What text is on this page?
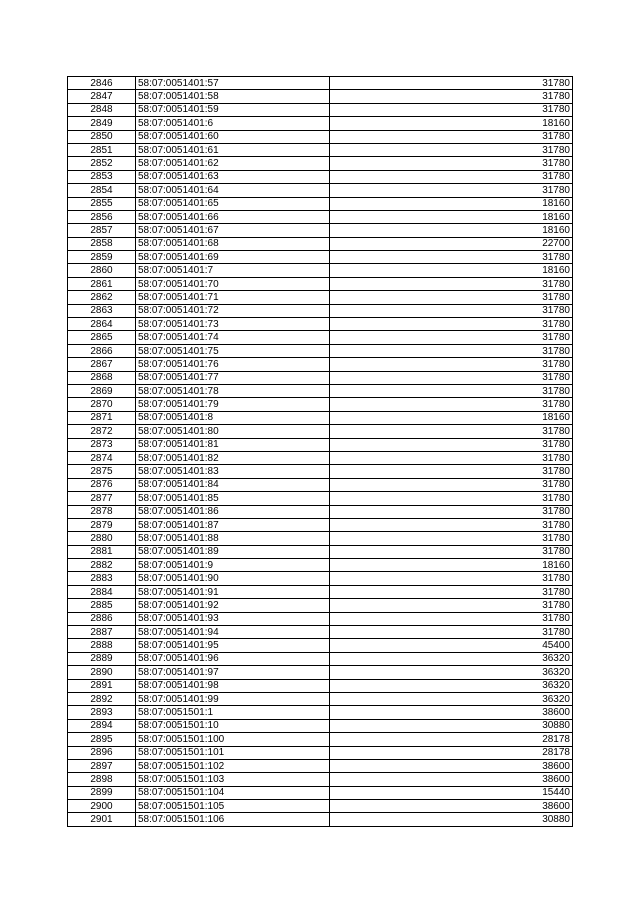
2846	58:07:0051401:57	31780
2847	58:07:0051401:58	31780
2848	58:07:0051401:59	31780
2849	58:07:0051401:6	18160
2850	58:07:0051401:60	31780
2851	58:07:0051401:61	31780
2852	58:07:0051401:62	31780
2853	58:07:0051401:63	31780
2854	58:07:0051401:64	31780
2855	58:07:0051401:65	18160
2856	58:07:0051401:66	18160
2857	58:07:0051401:67	18160
2858	58:07:0051401:68	22700
2859	58:07:0051401:69	31780
2860	58:07:0051401:7	18160
2861	58:07:0051401:70	31780
2862	58:07:0051401:71	31780
2863	58:07:0051401:72	31780
2864	58:07:0051401:73	31780
2865	58:07:0051401:74	31780
2866	58:07:0051401:75	31780
2867	58:07:0051401:76	31780
2868	58:07:0051401:77	31780
2869	58:07:0051401:78	31780
2870	58:07:0051401:79	31780
2871	58:07:0051401:8	18160
2872	58:07:0051401:80	31780
2873	58:07:0051401:81	31780
2874	58:07:0051401:82	31780
2875	58:07:0051401:83	31780
2876	58:07:0051401:84	31780
2877	58:07:0051401:85	31780
2878	58:07:0051401:86	31780
2879	58:07:0051401:87	31780
2880	58:07:0051401:88	31780
2881	58:07:0051401:89	31780
2882	58:07:0051401:9	18160
2883	58:07:0051401:90	31780
2884	58:07:0051401:91	31780
2885	58:07:0051401:92	31780
2886	58:07:0051401:93	31780
2887	58:07:0051401:94	31780
2888	58:07:0051401:95	45400
2889	58:07:0051401:96	36320
2890	58:07:0051401:97	36320
2891	58:07:0051401:98	36320
2892	58:07:0051401:99	36320
2893	58:07:0051501:1	38600
2894	58:07:0051501:10	30880
2895	58:07:0051501:100	28178
2896	58:07:0051501:101	28178
2897	58:07:0051501:102	38600
2898	58:07:0051501:103	38600
2899	58:07:0051501:104	15440
2900	58:07:0051501:105	38600
2901	58:07:0051501:106	30880
